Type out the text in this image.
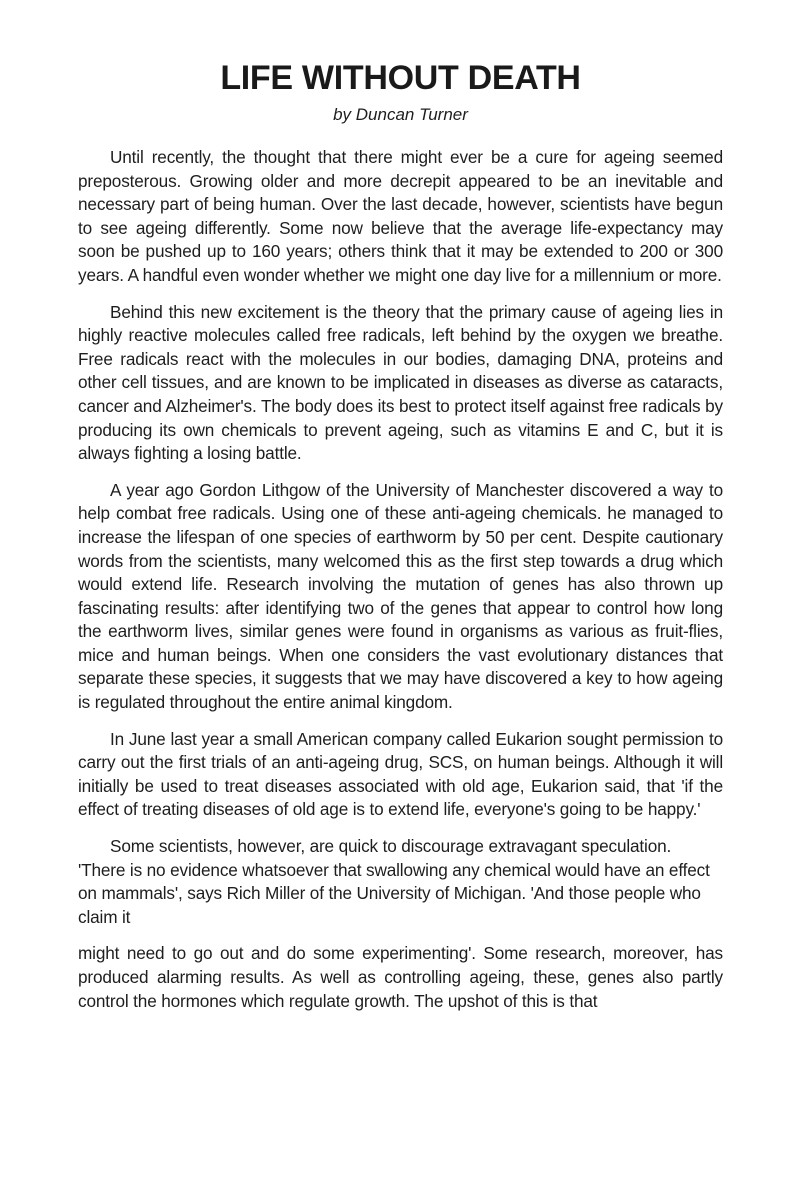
LIFE WITHOUT DEATH

by Duncan Turner

Until recently, the thought that there might ever be a cure for ageing seemed preposterous. Growing older and more decrepit appeared to be an inevitable and necessary part of being human. Over the last decade, however, scientists have begun to see ageing differently. Some now believe that the average life-expectancy may soon be pushed up to 160 years; others think that it may be extended to 200 or 300 years. A handful even wonder whether we might one day live for a millennium or more.

Behind this new excitement is the theory that the primary cause of ageing lies in highly reactive molecules called free radicals, left behind by the oxygen we breathe. Free radicals react with the molecules in our bodies, damaging DNA, proteins and other cell tissues, and are known to be implicated in diseases as diverse as cataracts, cancer and Alzheimer's. The body does its best to protect itself against free radicals by producing its own chemicals to prevent ageing, such as vitamins E and C, but it is always fighting a losing battle.

A year ago Gordon Lithgow of the University of Manchester discovered a way to help combat free radicals. Using one of these anti-ageing chemicals. he managed to increase the lifespan of one species of earthworm by 50 per cent. Despite cautionary words from the scientists, many welcomed this as the first step towards a drug which would extend life. Research involving the mutation of genes has also thrown up fascinating results: after identifying two of the genes that appear to control how long the earthworm lives, similar genes were found in organisms as various as fruit-flies, mice and human beings. When one considers the vast evolutionary distances that separate these species, it suggests that we may have discovered a key to how ageing is regulated throughout the entire animal kingdom.

In June last year a small American company called Eukarion sought permission to carry out the first trials of an anti-ageing drug, SCS, on human beings. Although it will initially be used to treat diseases associated with old age, Eukarion said, that 'if the effect of treating diseases of old age is to extend life, everyone's going to be happy.'

Some scientists, however, are quick to discourage extravagant speculation. 'There is no evidence whatsoever that swallowing any chemical would have an effect on mammals', says Rich Miller of the University of Michigan. 'And those people who claim it

might need to go out and do some experimenting'. Some research, moreover, has produced alarming results. As well as controlling ageing, these, genes also partly control the hormones which regulate growth. The upshot of this is that
